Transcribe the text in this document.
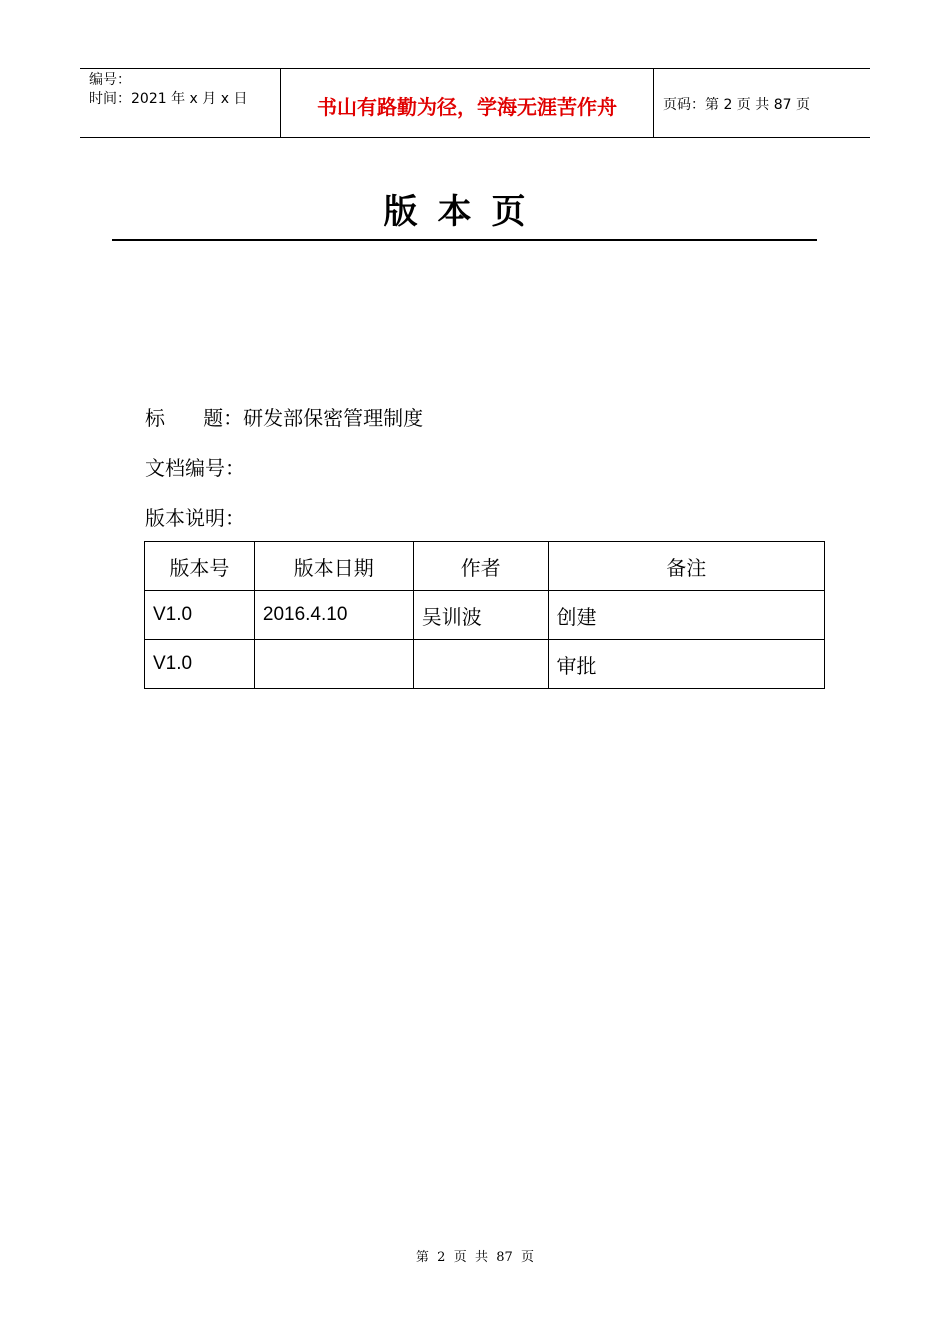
编号：
时间：2021 年 x 月 x 日	书山有路勤为径，学海无涯苦作舟	页码：第 2 页 共 87 页
版本页
标      题：研发部保密管理制度
文档编号：
版本说明：
版本号	版本日期	作者	备注
V1.0	2016.4.10	吴训波	创建
V1.0			审批
第  2  页  共  87  页
